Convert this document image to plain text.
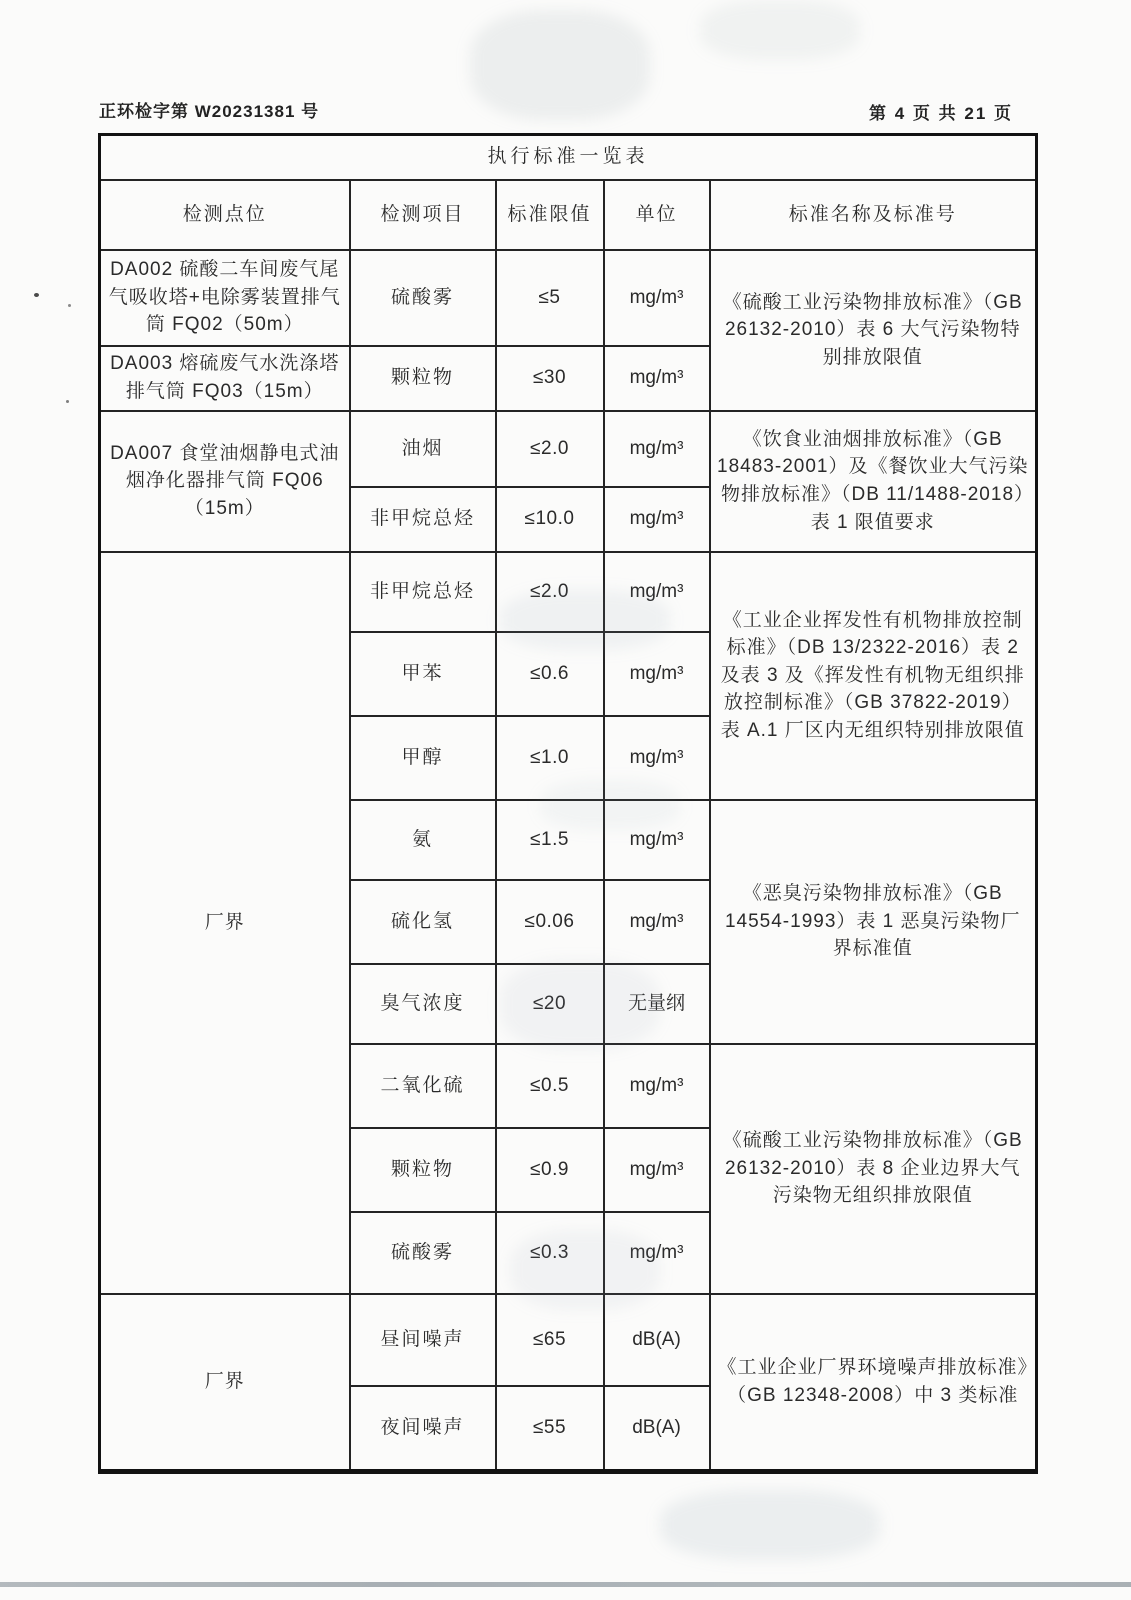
正环检字第 W20231381 号	第 4 页 共 21 页
执行标准一览表				
检测点位	检测项目	标准限值	单位	标准名称及标准号
DA002 硫酸二车间废气尾气吸收塔+电除雾装置排气筒 FQ02（50m）	硫酸雾	≤5	mg/m³	《硫酸工业污染物排放标准》（GB 26132-2010）表 6 大气污染物特别排放限值
DA003 熔硫废气水洗涤塔排气筒 FQ03（15m）	颗粒物	≤30	mg/m³	
DA007 食堂油烟静电式油烟净化器排气筒 FQ06（15m）	油烟	≤2.0	mg/m³	《饮食业油烟排放标准》（GB 18483-2001）及《餐饮业大气污染物排放标准》（DB 11/1488-2018）表 1 限值要求
	非甲烷总烃	≤10.0	mg/m³	
厂界	非甲烷总烃	≤2.0	mg/m³	《工业企业挥发性有机物排放控制标准》（DB 13/2322-2016）表 2 及表 3 及《挥发性有机物无组织排放控制标准》（GB 37822-2019）表 A.1 厂区内无组织特别排放限值
	甲苯	≤0.6	mg/m³	
	甲醇	≤1.0	mg/m³	
	氨	≤1.5	mg/m³	《恶臭污染物排放标准》（GB 14554-1993）表 1 恶臭污染物厂界标准值
	硫化氢	≤0.06	mg/m³	
	臭气浓度	≤20	无量纲	
	二氧化硫	≤0.5	mg/m³	《硫酸工业污染物排放标准》（GB 26132-2010）表 8 企业边界大气污染物无组织排放限值
	颗粒物	≤0.9	mg/m³	
	硫酸雾	≤0.3	mg/m³	
厂界	昼间噪声	≤65	dB(A)	《工业企业厂界环境噪声排放标准》（GB 12348-2008）中 3 类标准
	夜间噪声	≤55	dB(A)	
